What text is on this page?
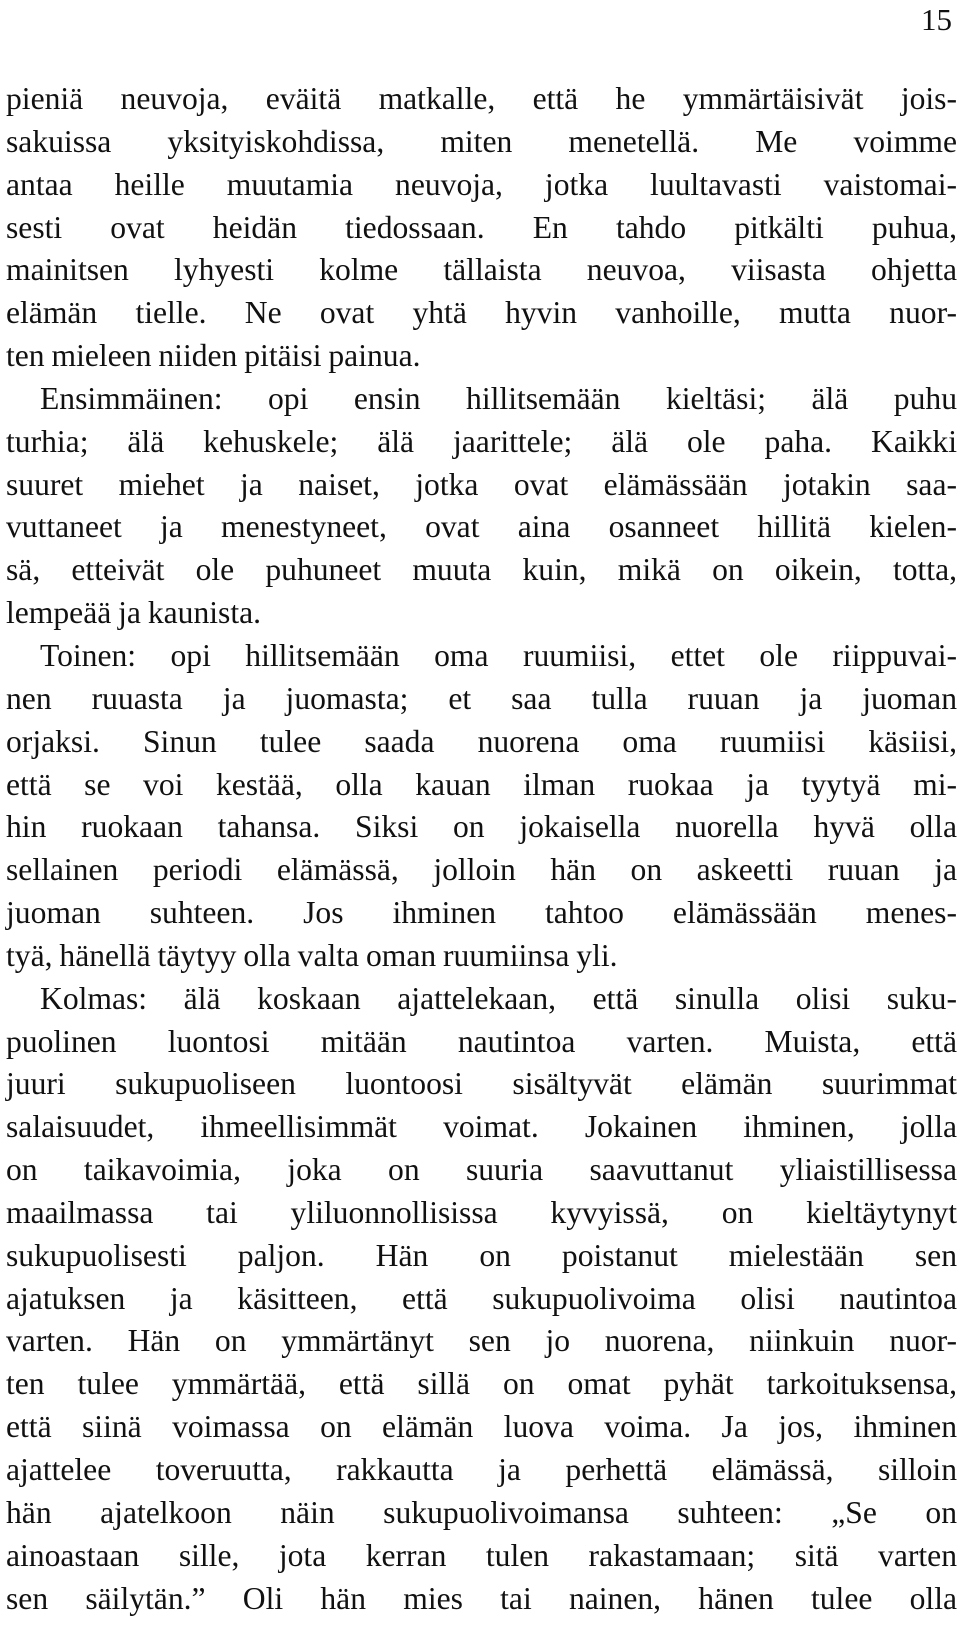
15
pieniä neuvoja, eväitä matkalle, että he ymmärtäisivät jois-
sakuissa yksityiskohdissa, miten menetellä. Me voimme
antaa heille muutamia neuvoja, jotka luultavasti vaistomai-
sesti ovat heidän tiedossaan. En tahdo pitkälti puhua,
mainitsen lyhyesti kolme tällaista neuvoa, viisasta ohjetta
elämän tielle. Ne ovat yhtä hyvin vanhoille, mutta nuor-
ten mieleen niiden pitäisi painua.
Ensimmäinen: opi ensin hillitsemään kieltäsi; älä puhu
turhia; älä kehuskele; älä jaarittele; älä ole paha. Kaikki
suuret miehet ja naiset, jotka ovat elämässään jotakin saa-
vuttaneet ja menestyneet, ovat aina osanneet hillitä kielen-
sä, etteivät ole puhuneet muuta kuin, mikä on oikein, totta,
lempeää ja kaunista.
Toinen: opi hillitsemään oma ruumiisi, ettet ole riippuvai-
nen ruuasta ja juomasta; et saa tulla ruuan ja juoman
orjaksi. Sinun tulee saada nuorena oma ruumiisi käsiisi,
että se voi kestää, olla kauan ilman ruokaa ja tyytyä mi-
hin ruokaan tahansa. Siksi on jokaisella nuorella hyvä olla
sellainen periodi elämässä, jolloin hän on askeetti ruuan ja
juoman suhteen. Jos ihminen tahtoo elämässään menes-
tyä, hänellä täytyy olla valta oman ruumiinsa yli.
Kolmas: älä koskaan ajattelekaan, että sinulla olisi suku-
puolinen luontosi mitään nautintoa varten. Muista, että
juuri sukupuoliseen luontoosi sisältyvät elämän suurimmat
salaisuudet, ihmeellisimmät voimat. Jokainen ihminen, jolla
on taikavoimia, joka on suuria saavuttanut yliaistillisessa
maailmassa tai yliluonnollisissa kyvyissä, on kieltäytynyt
sukupuolisesti paljon. Hän on poistanut mielestään sen
ajatuksen ja käsitteen, että sukupuolivoima olisi nautintoa
varten. Hän on ymmärtänyt sen jo nuorena, niinkuin nuor-
ten tulee ymmärtää, että sillä on omat pyhät tarkoituksensa,
että siinä voimassa on elämän luova voima. Ja jos, ihminen
ajattelee toveruutta, rakkautta ja perhettä elämässä, silloin
hän ajatelkoon näin sukupuolivoimansa suhteen: „Se on
ainoastaan sille, jota kerran tulen rakastamaan; sitä varten
sen säilytän.” Oli hän mies tai nainen, hänen tulee olla
